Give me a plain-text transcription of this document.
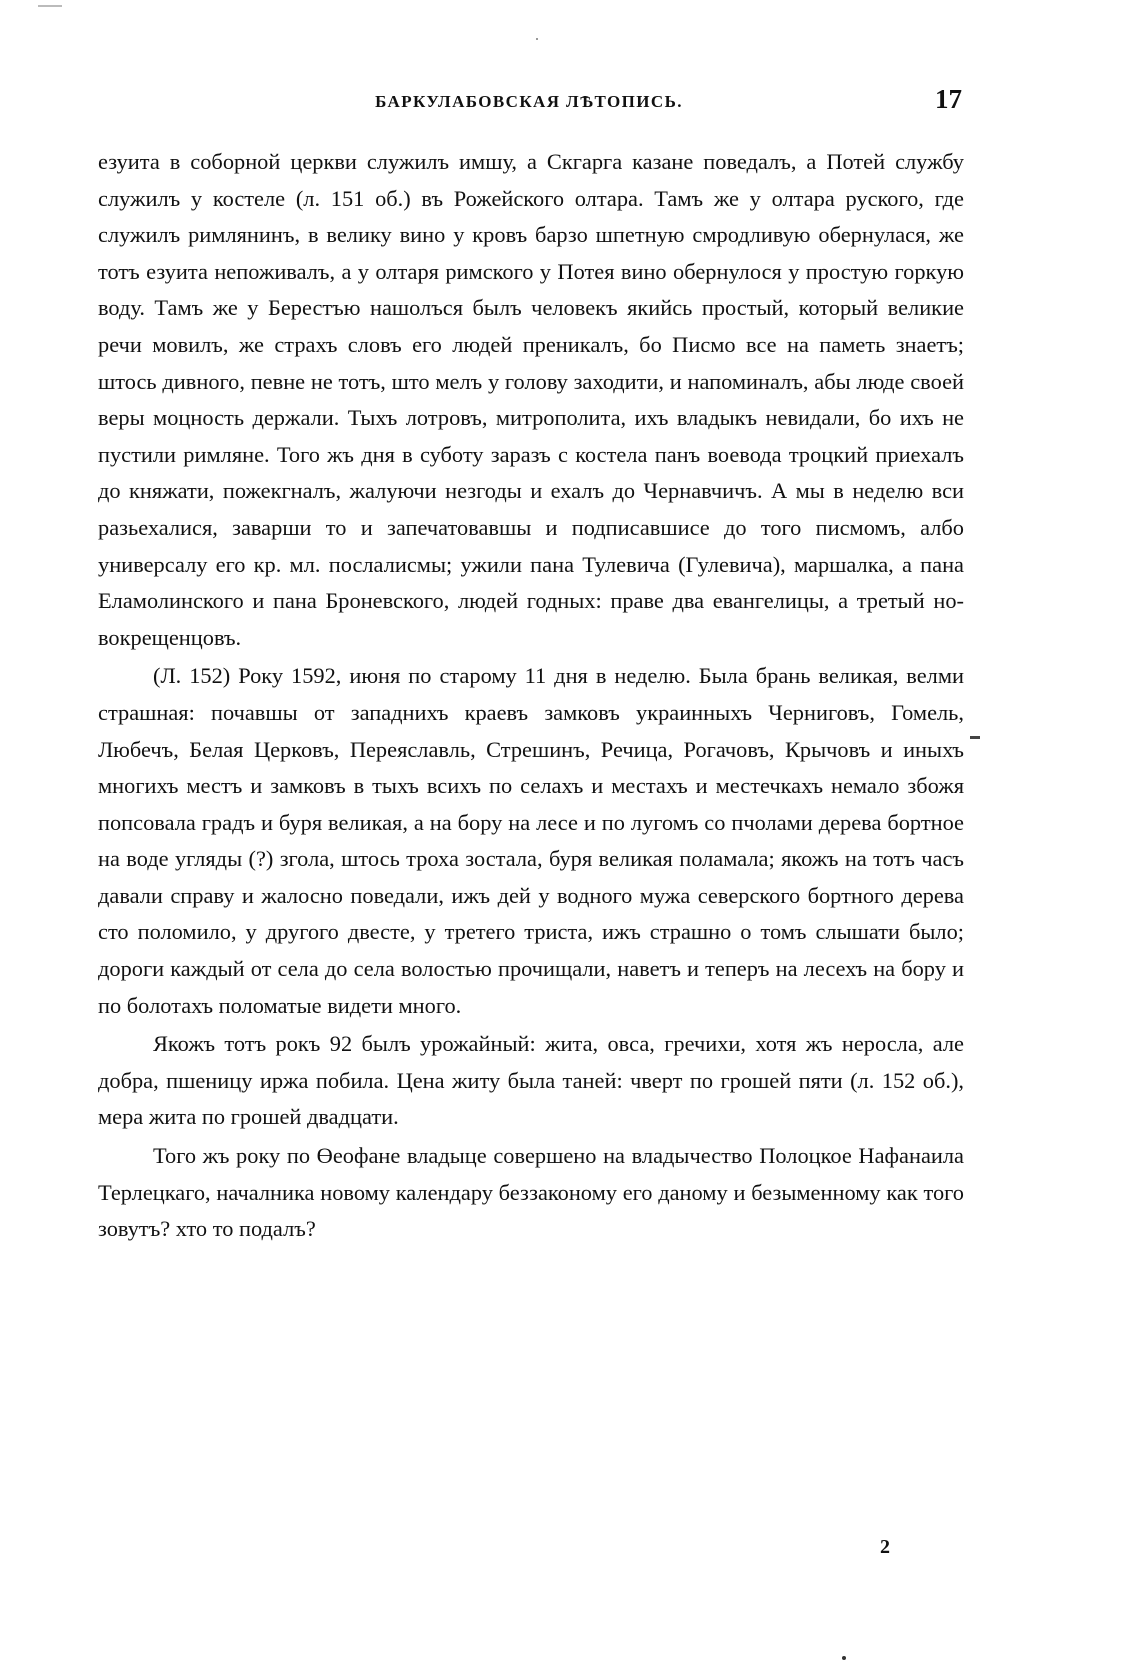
БАРКУЛАБОВСКАЯ ЛѢТОПИСЬ.	17

езуита в соборной церкви служилъ имшу, а Скгарга казане поведалъ, а Потей службу служилъ у костеле (л. 151 об.) въ Рожейского олтара. Тамъ же у олтара руского, где служилъ римлянинъ, в велику вино у кровъ барзо шпетную смродливую обернулася, же тотъ езуита непоживалъ, а у олтаря римского у Потея вино обернулося у простую горкую воду. Тамъ же у Берестъю нашолъся былъ человекъ якийсь простый, который великие речи мовилъ, же страхъ словъ его людей преникалъ, бо Писмо все на паметь знаетъ; штось дивного, певне не тотъ, што мелъ у голову заходити, и напоминалъ, абы люде своей веры моцность держали. Тыхъ лотровъ, митрополита, ихъ владыкъ невидали, бо ихъ не пустили римляне. Того жъ дня в суботу заразъ с костела панъ воевода троцкий приехалъ до княжати, пожекгналъ, жалуючи незгоды и ехалъ до Чернавчичъ. А мы в неделю вси разьехалися, заварши то и запечатовавшы и подписавшисе до того писмомъ, албо универсалу его кр. мл. послалисмы; ужили пана Тулевича (Гулевича), маршалка, а пана Еламолинского и пана Броневского, людей годных: праве два евангелицы, а третый новокрещенцовъ.

(Л. 152) Року 1592, июня по старому 11 дня в неделю. Была брань великая, велми страшная: почавшы от западнихъ краевъ замковъ украинныхъ Черниговъ, Гомель, Любечъ, Белая Церковъ, Переяславль, Стрешинъ, Речица, Рогачовъ, Крычовъ и иныхъ многихъ местъ и замковъ в тыхъ всихъ по селахъ и местахъ и местечкахъ немало збожя попсовала градъ и буря великая, а на бору на лесе и по лугомъ со пчолами дерева бортное на воде угляды (?) згола, штось троха зостала, буря великая поламала; якожъ на тотъ часъ давали справу и жалосно поведали, ижъ дей у водного мужа северского бортного дерева сто поломило, у другого двесте, у третего триста, ижъ страшно о томъ слышати было; дороги каждый от села до села волостью прочищали, наветъ и теперъ на лесехъ на бору и по болотахъ поломатые видети много.

Якожъ тотъ рокъ 92 былъ урожайный: жита, овса, гречихи, хотя жъ неросла, але добра, пшеницу иржа побила. Цена житу была таней: чверт по грошей пяти (л. 152 об.), мера жита по грошей двадцати.

Того жъ року по Өеофане владыце совершено на владычество Полоцкое Нафанаила Терлецкаго, началника новому календару беззаконому его даному и безыменному как того зовутъ? хто то подалъ?

2
